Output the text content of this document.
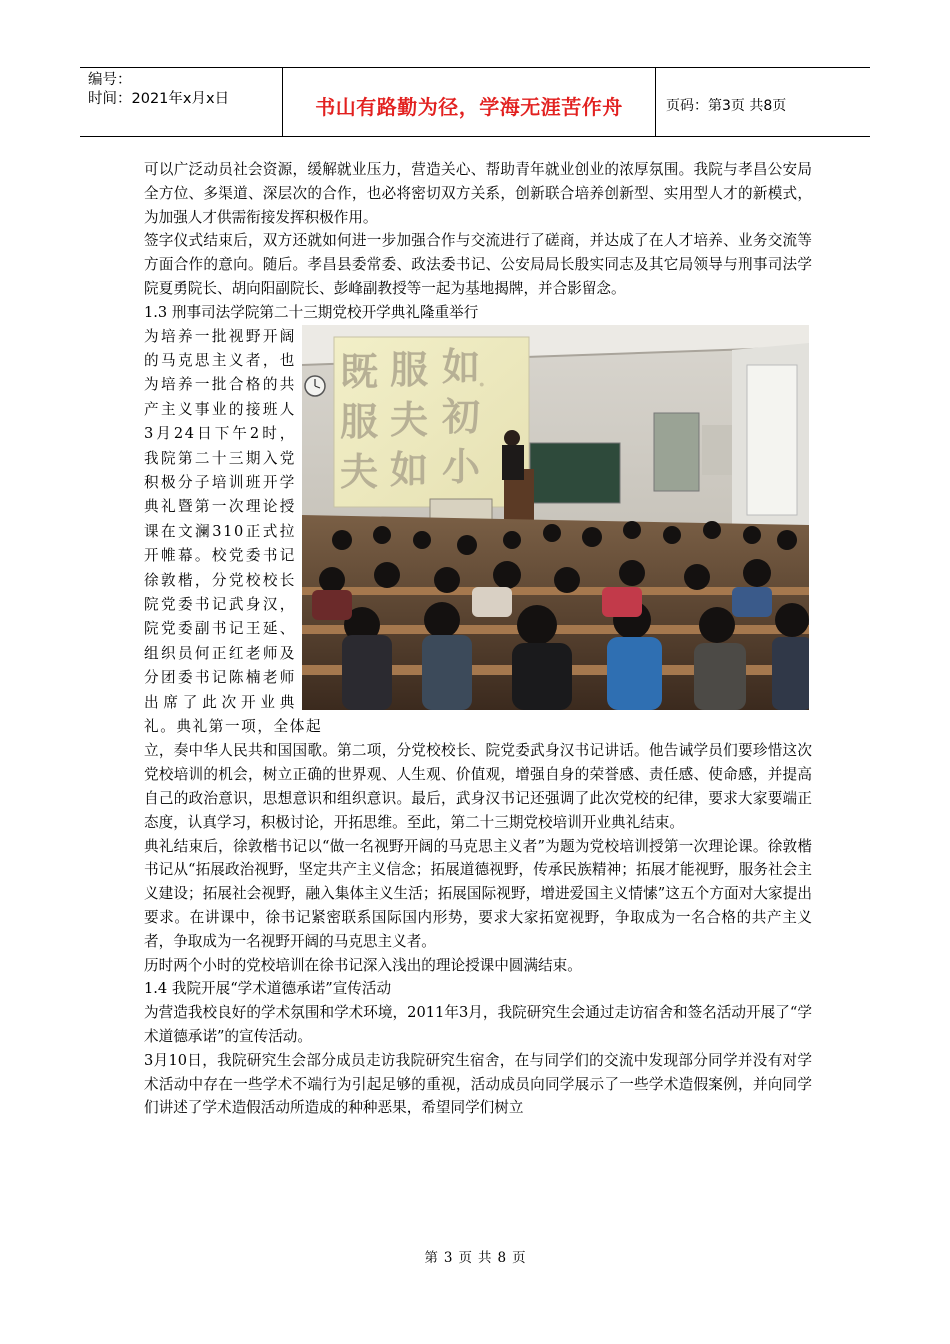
编号：
时间：2021年x月x日	书山有路勤为径，学海无涯苦作舟	页码：第3页 共8页

可以广泛动员社会资源，缓解就业压力，营造关心、帮助青年就业创业的浓厚氛围。我院与孝昌公安局全方位、多渠道、深层次的合作，也必将密切双方关系，创新联合培养创新型、实用型人才的新模式，为加强人才供需衔接发挥积极作用。

签字仪式结束后，双方还就如何进一步加强合作与交流进行了磋商，并达成了在人才培养、业务交流等方面合作的意向。随后。孝昌县委常委、政法委书记、公安局局长殷实同志及其它局领导与刑事司法学院夏勇院长、胡向阳副院长、彭峰副教授等一起为基地揭牌，并合影留念。

1.3 刑事司法学院第二十三期党校开学典礼隆重举行
既 服 如
服 夫 初
夫 如 小
·

为培养一批视野开阔的马克思主义者，也为培养一批合格的共产主义事业的接班人3月24日下午2时，我院第二十三期入党积极分子培训班开学典礼暨第一次理论授课在文澜310正式拉开帷幕。校党委书记徐敦楷，分党校校长院党委书记武身汉，院党委副书记王延、组织员何正红老师及分团委书记陈楠老师出席了此次开业典礼。典礼第一项，全体起

立，奏中华人民共和国国歌。第二项，分党校校长、院党委武身汉书记讲话。他告诫学员们要珍惜这次党校培训的机会，树立正确的世界观、人生观、价值观，增强自身的荣誉感、责任感、使命感，并提高自己的政治意识，思想意识和组织意识。最后，武身汉书记还强调了此次党校的纪律，要求大家要端正态度，认真学习，积极讨论，开拓思维。至此，第二十三期党校培训开业典礼结束。

典礼结束后，徐敦楷书记以“做一名视野开阔的马克思主义者”为题为党校培训授第一次理论课。徐敦楷书记从“拓展政治视野，坚定共产主义信念；拓展道德视野，传承民族精神；拓展才能视野，服务社会主义建设；拓展社会视野，融入集体主义生活；拓展国际视野，增进爱国主义情愫”这五个方面对大家提出要求。在讲课中，徐书记紧密联系国际国内形势，要求大家拓宽视野，争取成为一名合格的共产主义者，争取成为一名视野开阔的马克思主义者。

历时两个小时的党校培训在徐书记深入浅出的理论授课中圆满结束。

1.4 我院开展“学术道德承诺”宣传活动

为营造我校良好的学术氛围和学术环境，2011年3月，我院研究生会通过走访宿舍和签名活动开展了“学术道德承诺”的宣传活动。

3月10日，我院研究生会部分成员走访我院研究生宿舍，在与同学们的交流中发现部分同学并没有对学术活动中存在一些学术不端行为引起足够的重视，活动成员向同学展示了一些学术造假案例，并向同学们讲述了学术造假活动所造成的种种恶果，希望同学们树立

第 3 页 共 8 页
